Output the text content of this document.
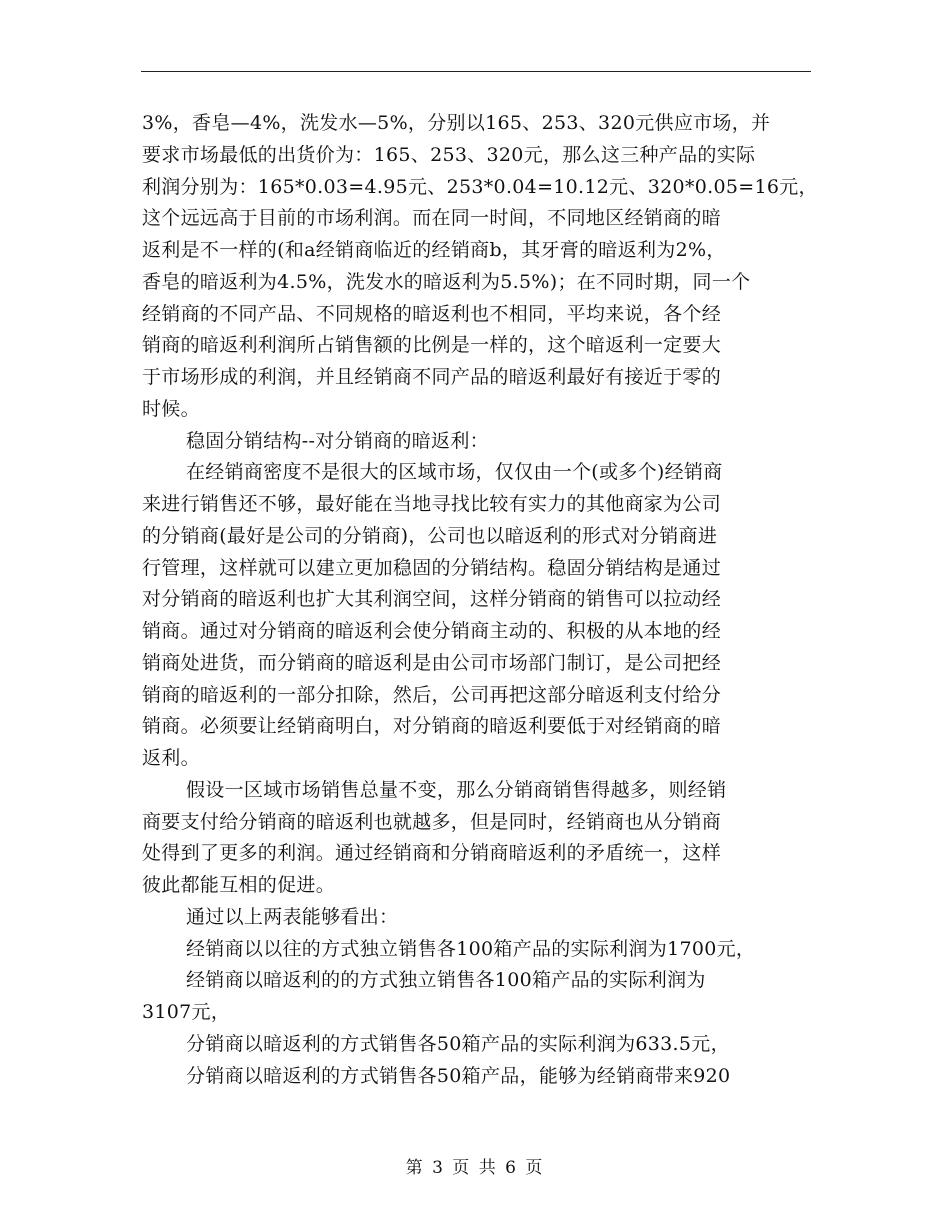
3%，香皂—4%，洗发水—5%，分别以165、253、320元供应市场，并
要求市场最低的出货价为：165、253、320元，那么这三种产品的实际
利润分别为：165*0.03=4.95元、253*0.04=10.12元、320*0.05=16元，
这个远远高于目前的市场利润。而在同一时间，不同地区经销商的暗
返利是不一样的(和a经销商临近的经销商b，其牙膏的暗返利为2%，
香皂的暗返利为4.5%，洗发水的暗返利为5.5%)；在不同时期，同一个
经销商的不同产品、不同规格的暗返利也不相同，平均来说，各个经
销商的暗返利利润所占销售额的比例是一样的，这个暗返利一定要大
于市场形成的利润，并且经销商不同产品的暗返利最好有接近于零的
时候。
稳固分销结构--对分销商的暗返利：
在经销商密度不是很大的区域市场，仅仅由一个(或多个)经销商
来进行销售还不够，最好能在当地寻找比较有实力的其他商家为公司
的分销商(最好是公司的分销商)，公司也以暗返利的形式对分销商进
行管理，这样就可以建立更加稳固的分销结构。稳固分销结构是通过
对分销商的暗返利也扩大其利润空间，这样分销商的销售可以拉动经
销商。通过对分销商的暗返利会使分销商主动的、积极的从本地的经
销商处进货，而分销商的暗返利是由公司市场部门制订，是公司把经
销商的暗返利的一部分扣除，然后，公司再把这部分暗返利支付给分
销商。必须要让经销商明白，对分销商的暗返利要低于对经销商的暗
返利。
假设一区域市场销售总量不变，那么分销商销售得越多，则经销
商要支付给分销商的暗返利也就越多，但是同时，经销商也从分销商
处得到了更多的利润。通过经销商和分销商暗返利的矛盾统一，这样
彼此都能互相的促进。
通过以上两表能够看出：
经销商以以往的方式独立销售各100箱产品的实际利润为1700元，
经销商以暗返利的的方式独立销售各100箱产品的实际利润为
3107元，
分销商以暗返利的方式销售各50箱产品的实际利润为633.5元，
分销商以暗返利的方式销售各50箱产品，能够为经销商带来920
第 3 页 共 6 页
